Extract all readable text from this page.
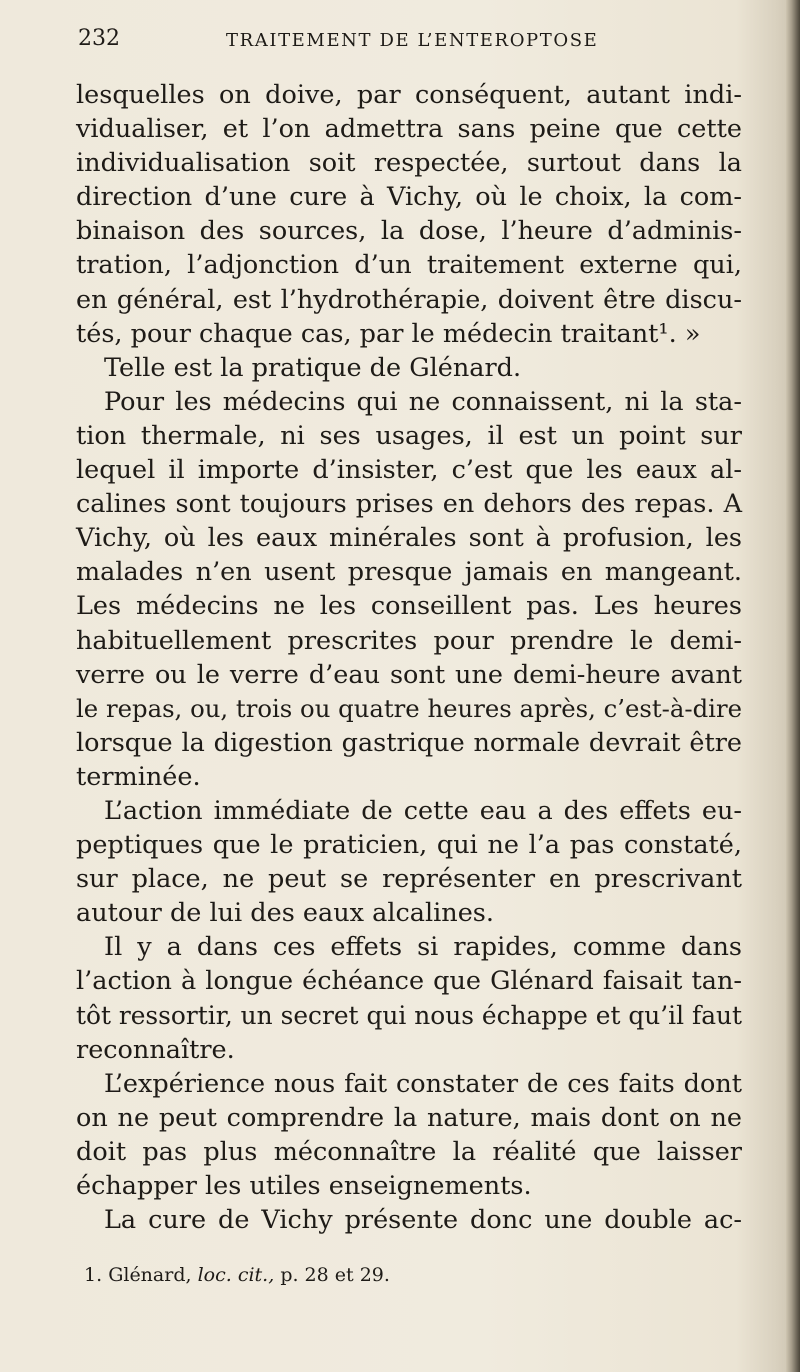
232	TRAITEMENT DE L’ENTEROPTOSE
lesquelles on doive, par conséquent, autant indi-
vidualiser, et l’on admettra sans peine que cette
individualisation soit respectée, surtout dans la
direction d’une cure à Vichy, où le choix, la com-
binaison des sources, la dose, l’heure d’adminis-
tration, l’adjonction d’un traitement externe qui,
en général, est l’hydrothérapie, doivent être discu-
tés, pour chaque cas, par le médecin traitant¹. »
Telle est la pratique de Glénard.
Pour les médecins qui ne connaissent, ni la sta-
tion thermale, ni ses usages, il est un point sur
lequel il importe d’insister, c’est que les eaux al-
calines sont toujours prises en dehors des repas. A
Vichy, où les eaux minérales sont à profusion, les
malades n’en usent presque jamais en mangeant.
Les médecins ne les conseillent pas. Les heures
habituellement prescrites pour prendre le demi-
verre ou le verre d’eau sont une demi-heure avant
le repas, ou, trois ou quatre heures après, c’est-à-dire
lorsque la digestion gastrique normale devrait être
terminée.
L’action immédiate de cette eau a des effets eu-
peptiques que le praticien, qui ne l’a pas constaté,
sur place, ne peut se représenter en prescrivant
autour de lui des eaux alcalines.
Il y a dans ces effets si rapides, comme dans
l’action à longue échéance que Glénard faisait tan-
tôt ressortir, un secret qui nous échappe et qu’il faut
reconnaître.
L’expérience nous fait constater de ces faits dont
on ne peut comprendre la nature, mais dont on ne
doit pas plus méconnaître la réalité que laisser
échapper les utiles enseignements.
La cure de Vichy présente donc une double ac-
1. Glénard, loc. cit., p. 28 et 29.
